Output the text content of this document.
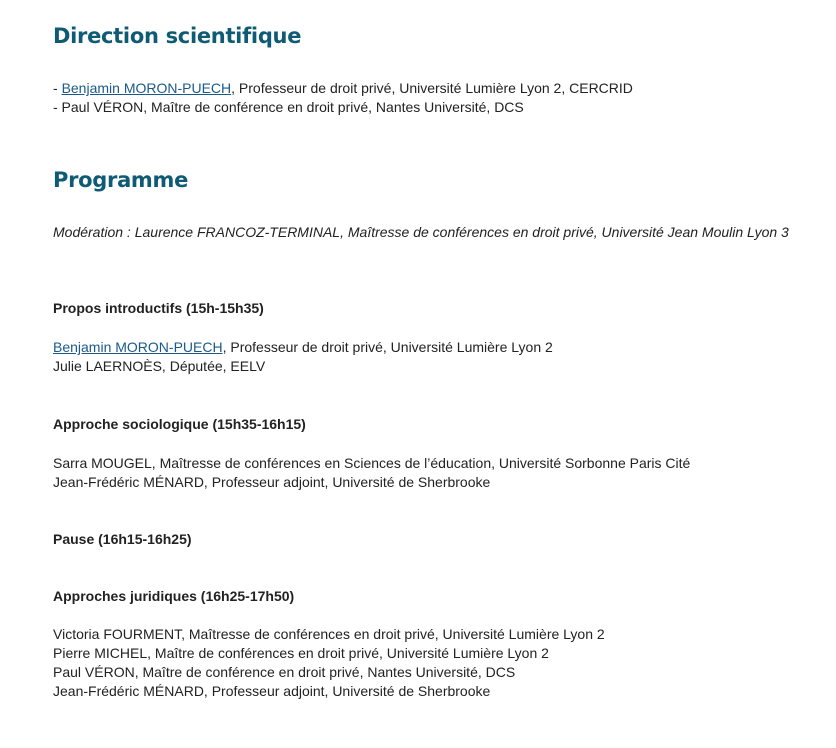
Direction scientifique
- Benjamin MORON-PUECH, Professeur de droit privé, Université Lumière Lyon 2, CERCRID
- Paul VÉRON, Maître de conférence en droit privé, Nantes Université, DCS
Programme
Modération : Laurence FRANCOZ-TERMINAL, Maîtresse de conférences en droit privé, Université Jean Moulin Lyon 3
Propos introductifs (15h-15h35)
Benjamin MORON-PUECH, Professeur de droit privé, Université Lumière Lyon 2
Julie LAERNOÈS, Députée, EELV
Approche sociologique (15h35-16h15)
Sarra MOUGEL, Maîtresse de conférences en Sciences de l’éducation, Université Sorbonne Paris Cité
Jean-Frédéric MÉNARD, Professeur adjoint, Université de Sherbrooke
Pause (16h15-16h25)
Approches juridiques (16h25-17h50)
Victoria FOURMENT, Maîtresse de conférences en droit privé, Université Lumière Lyon 2
Pierre MICHEL, Maître de conférences en droit privé, Université Lumière Lyon 2
Paul VÉRON, Maître de conférence en droit privé, Nantes Université, DCS
Jean-Frédéric MÉNARD, Professeur adjoint, Université de Sherbrooke
